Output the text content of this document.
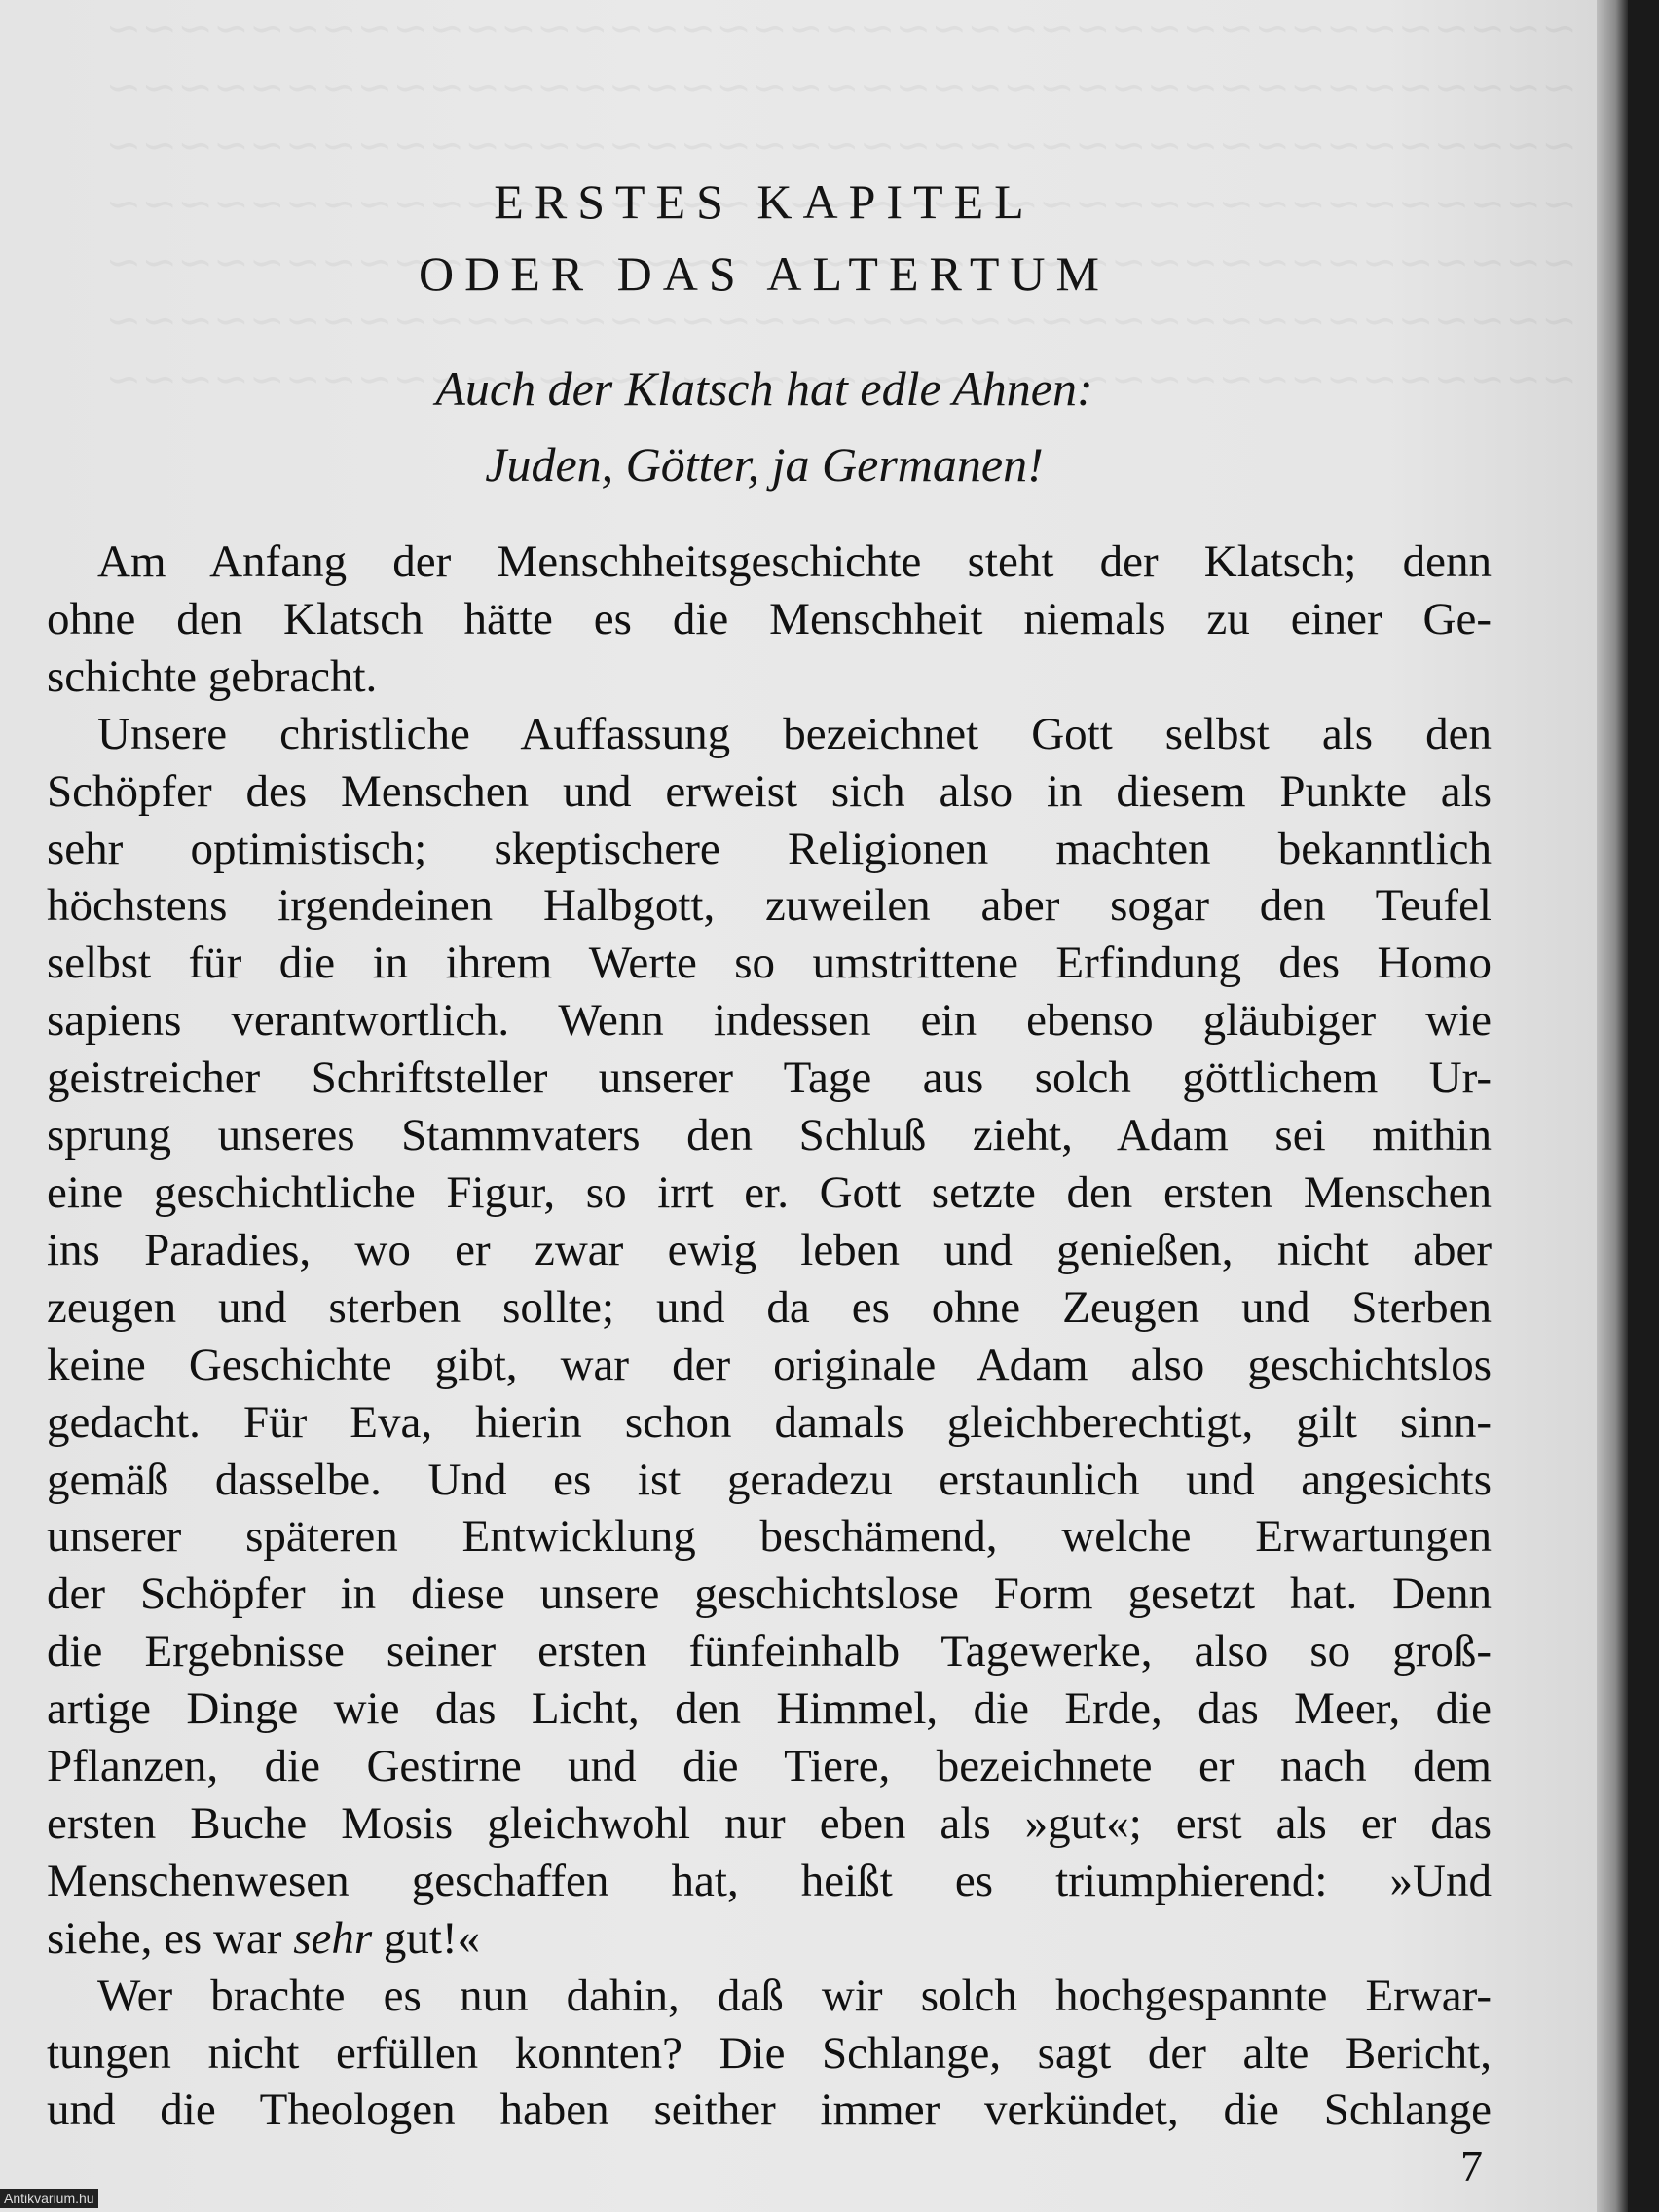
ERSTES KAPITEL
ODER DAS ALTERTUM
Auch der Klatsch hat edle Ahnen:
Juden, Götter, ja Germanen!

Am Anfang der Menschheitsgeschichte steht der Klatsch; denn
ohne den Klatsch hätte es die Menschheit niemals zu einer Ge-
schichte gebracht.

Unsere christliche Auffassung bezeichnet Gott selbst als den
Schöpfer des Menschen und erweist sich also in diesem Punkte als
sehr optimistisch; skeptischere Religionen machten bekanntlich
höchstens irgendeinen Halbgott, zuweilen aber sogar den Teufel
selbst für die in ihrem Werte so umstrittene Erfindung des Homo
sapiens verantwortlich. Wenn indessen ein ebenso gläubiger wie
geistreicher Schriftsteller unserer Tage aus solch göttlichem Ur-
sprung unseres Stammvaters den Schluß zieht, Adam sei mithin
eine geschichtliche Figur, so irrt er. Gott setzte den ersten Menschen
ins Paradies, wo er zwar ewig leben und genießen, nicht aber
zeugen und sterben sollte; und da es ohne Zeugen und Sterben
keine Geschichte gibt, war der originale Adam also geschichtslos
gedacht. Für Eva, hierin schon damals gleichberechtigt, gilt sinn-
gemäß dasselbe. Und es ist geradezu erstaunlich und angesichts
unserer späteren Entwicklung beschämend, welche Erwartungen
der Schöpfer in diese unsere geschichtslose Form gesetzt hat. Denn
die Ergebnisse seiner ersten fünfeinhalb Tagewerke, also so groß-
artige Dinge wie das Licht, den Himmel, die Erde, das Meer, die
Pflanzen, die Gestirne und die Tiere, bezeichnete er nach dem
ersten Buche Mosis gleichwohl nur eben als »gut«; erst als er das
Menschenwesen geschaffen hat, heißt es triumphierend: »Und
siehe, es war sehr gut!«

Wer brachte es nun dahin, daß wir solch hochgespannte Erwar-
tungen nicht erfüllen konnten? Die Schlange, sagt der alte Bericht,
und die Theologen haben seither immer verkündet, die Schlange

7
Antikvarium.hu
